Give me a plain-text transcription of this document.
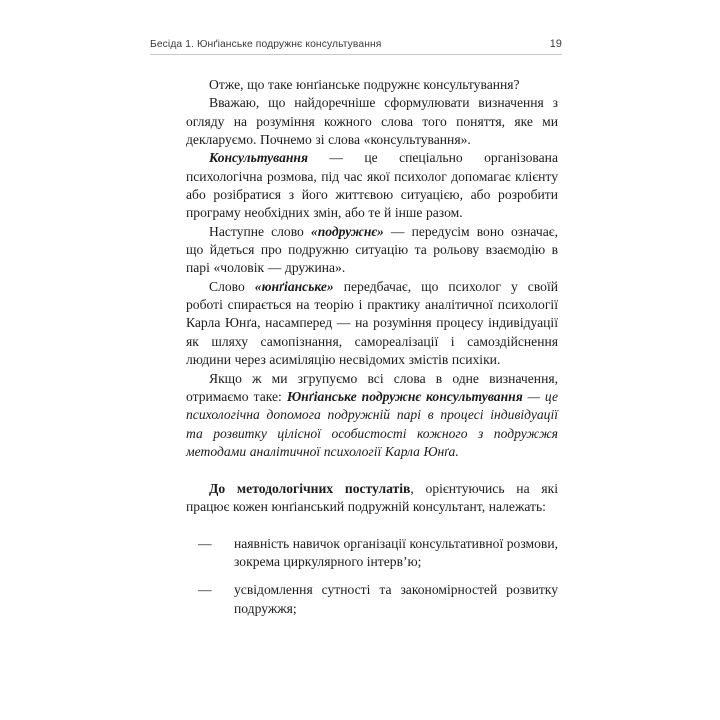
Бесіда 1. Юнґіанське подружнє консультування	19

Отже, що таке юнґіанське подружнє консультування?

Вважаю, що найдоречніше сформулювати визначення з огляду на розуміння кожного слова того поняття, яке ми декларуємо. Почнемо зі слова «консультування».

Консультування — це спеціально організована психологічна розмова, під час якої психолог допомагає клієнту або розібратися з його життєвою ситуацією, або розробити програму необхідних змін, або те й інше разом.

Наступне слово «подружнє» — передусім воно означає, що йдеться про подружню ситуацію та рольову взаємодію в парі «чоловік — дружина».

Слово «юнґіанське» передбачає, що психолог у своїй роботі спирається на теорію і практику аналітичної психології Карла Юнґа, насамперед — на розуміння процесу індивідуації як шляху самопізнання, самореалізації і самоздійснення людини через асиміляцію несвідомих змістів психіки.

Якщо ж ми згрупуємо всі слова в одне визначення, отримаємо таке: Юнґіанське подружнє консультування — це психологічна допомога подружній парі в процесі індивідуації та розвитку цілісної особистості кожного з подружжя методами аналітичної психології Карла Юнґа.

До методологічних постулатів, орієнтуючись на які працює кожен юнґіанський подружній консультант, належать:

—	наявність навичок організації консультативної розмови, зокрема циркулярного інтерв’ю;
—	усвідомлення сутності та закономірностей розвитку подружжя;
